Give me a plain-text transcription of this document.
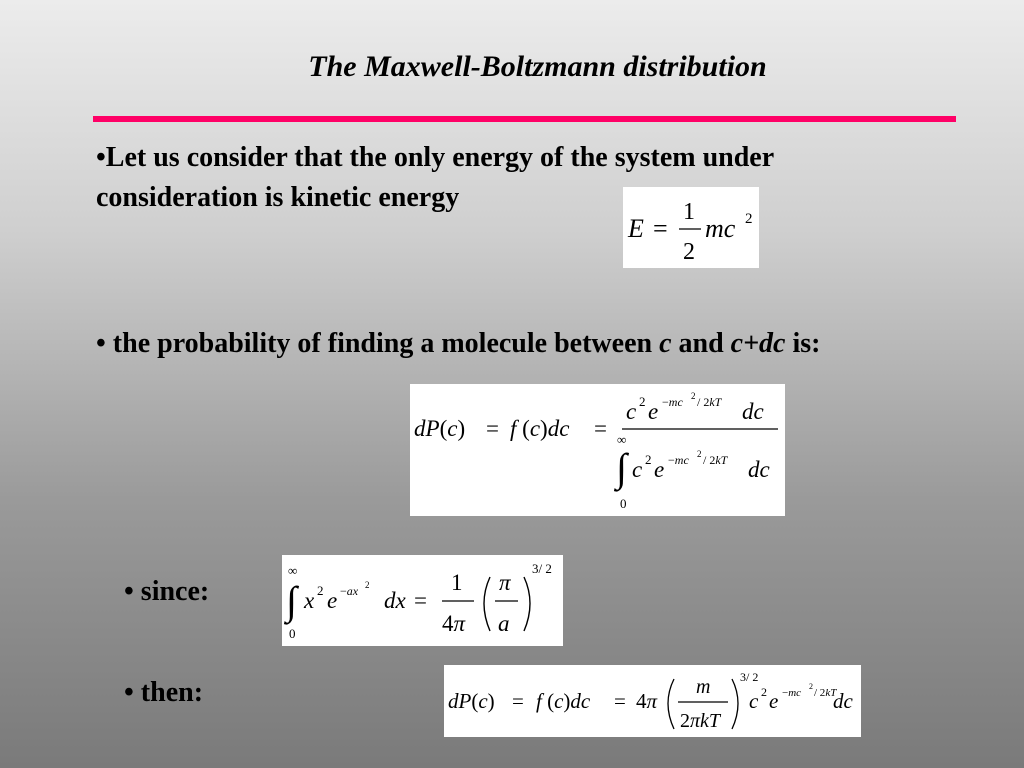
The Maxwell-Boltzmann distribution
•Let us consider that the only energy of the system under
consideration is kinetic energy
E =
1
2
mc 2
• the probability of finding a molecule between c and c+dc is:
dP(c) = f (c)dc =
c 2 e −mc 2 / 2kT dc
∞
∫
0
c 2 e −mc 2 / 2kT dc
• since:
∞
∫
0
x 2 e −ax 2
dx =
1
4π
π
a
3/ 2
• then:	dP(c) = f (c)dc = 4π
m
2πkT
3/ 2
c 2 e −mc
2
/ 2kT
dc
